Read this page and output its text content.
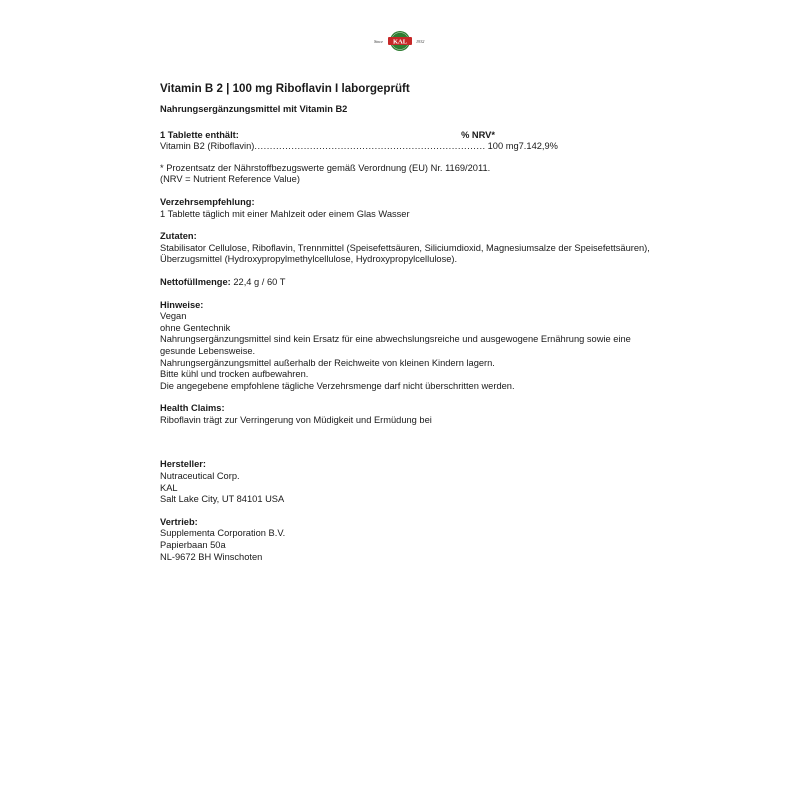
Since	1932
KAL
Vitamin B 2 | 100 mg Riboflavin I laborgeprüft
Nahrungsergänzungsmittel mit Vitamin B2
1 Tablette enthält:	% NRV*
Vitamin B2 (Riboflavin) ........................................................................... 100 mg 7.142,9%
* Prozentsatz der Nährstoffbezugswerte gemäß Verordnung (EU) Nr. 1169/2011.
(NRV = Nutrient Reference Value)
Verzehrsempfehlung:
1 Tablette täglich mit einer Mahlzeit oder einem Glas Wasser
Zutaten:
Stabilisator Cellulose, Riboflavin, Trennmittel (Speisefettsäuren, Siliciumdioxid, Magnesiumsalze der Speisefettsäuren), Überzugsmittel (Hydroxypropylmethylcellulose, Hydroxypropylcellulose).
Nettofüllmenge: 22,4 g / 60 T
Hinweise:
Vegan
ohne Gentechnik
Nahrungsergänzungsmittel sind kein Ersatz für eine abwechslungsreiche und ausgewogene Ernährung sowie eine gesunde Lebensweise.
Nahrungsergänzungsmittel außerhalb der Reichweite von kleinen Kindern lagern.
Bitte kühl und trocken aufbewahren.
Die angegebene empfohlene tägliche Verzehrsmenge darf nicht überschritten werden.
Health Claims:
Riboflavin trägt zur Verringerung von Müdigkeit und Ermüdung bei
Hersteller:
Nutraceutical Corp.
KAL
Salt Lake City, UT 84101 USA
Vertrieb:
Supplementa Corporation B.V.
Papierbaan 50a
NL-9672 BH Winschoten
